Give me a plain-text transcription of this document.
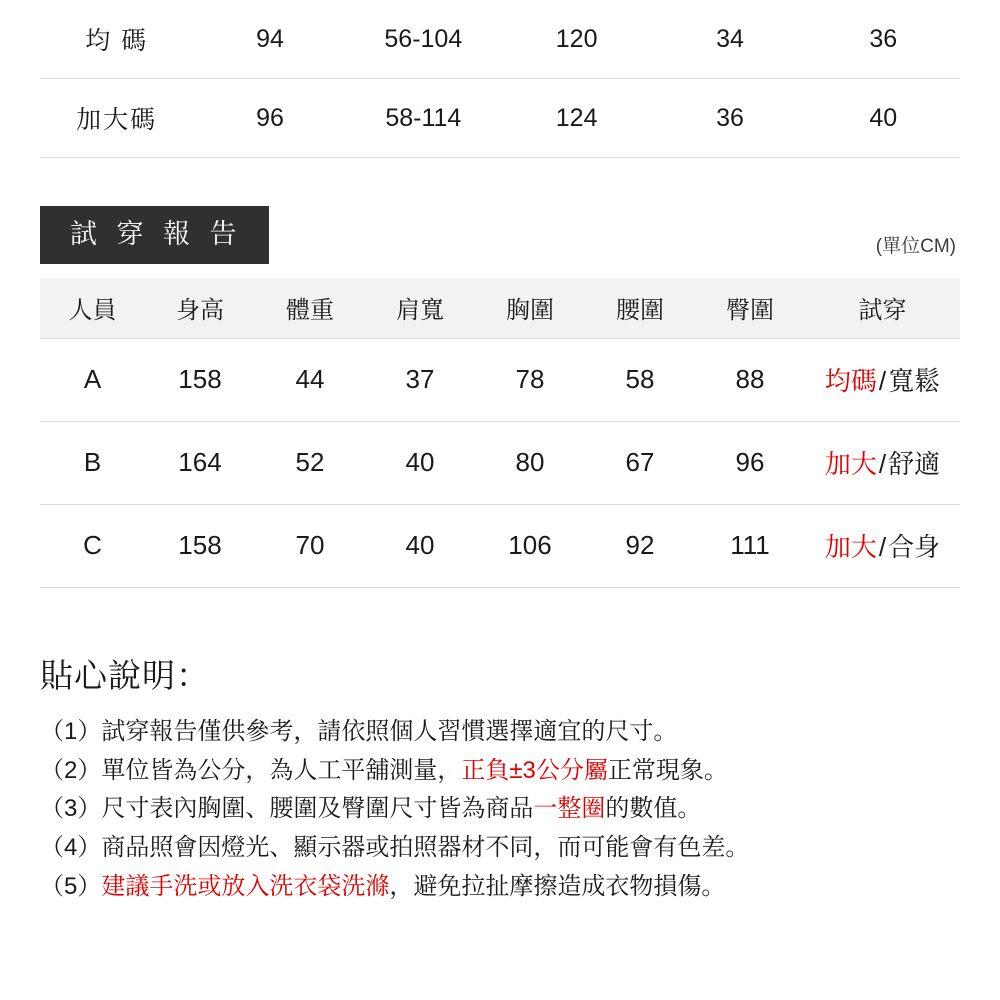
均 碼	94	56-104	120	34	36
加大碼	96	58-114	124	36	40
試 穿 報 告	(單位CM)
人員	身高	體重	肩寬	胸圍	腰圍	臀圍	試穿
A	158	44	37	78	58	88	均碼/寬鬆
B	164	52	40	80	67	96	加大/舒適
C	158	70	40	106	92	111	加大/合身
貼心說明：
（1）試穿報告僅供參考，請依照個人習慣選擇適宜的尺寸。
（2）單位皆為公分，為人工平舖測量，正負±3公分屬正常現象。
（3）尺寸表內胸圍、腰圍及臀圍尺寸皆為商品一整圈的數值。
（4）商品照會因燈光、顯示器或拍照器材不同，而可能會有色差。
（5）建議手洗或放入洗衣袋洗滌，避免拉扯摩擦造成衣物損傷。
